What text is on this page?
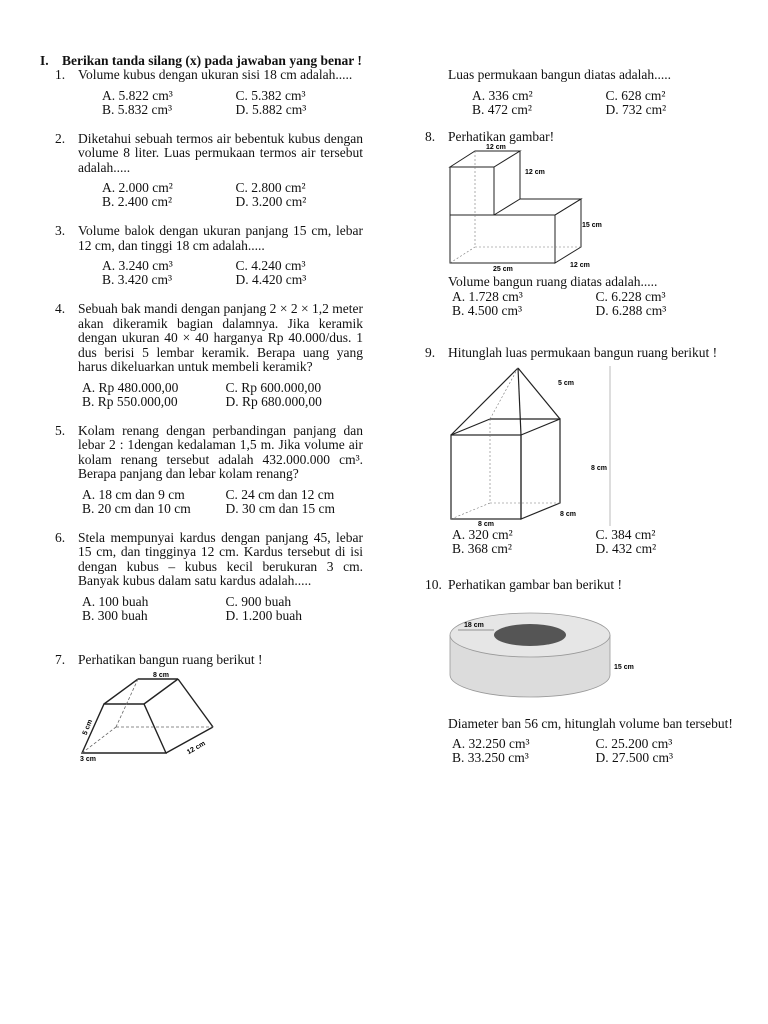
I. Berikan tanda silang (x) pada jawaban yang benar !
1. Volume kubus dengan ukuran sisi 18 cm adalah.....
A. 5.822 cm³	C. 5.382 cm³
B. 5.832 cm³	D. 5.882 cm³
2. Diketahui sebuah termos air bebentuk kubus dengan volume 8 liter. Luas permukaan termos air tersebut adalah.....
A. 2.000 cm²	C. 2.800 cm²
B. 2.400 cm²	D. 3.200 cm²
3. Volume balok dengan ukuran panjang 15 cm, lebar 12 cm, dan tinggi 18 cm adalah.....
A. 3.240 cm³	C. 4.240 cm³
B. 3.420 cm³	D. 4.420 cm³
4. Sebuah bak mandi dengan panjang 2 × 2 × 1,2 meter akan dikeramik bagian dalamnya. Jika keramik dengan ukuran 40 × 40 harganya Rp 40.000/dus. 1 dus berisi 5 lembar keramik. Berapa uang yang harus dikeluarkan untuk membeli keramik?
A. Rp 480.000,00	C. Rp 600.000,00
B. Rp 550.000,00	D. Rp 680.000,00
5. Kolam renang dengan perbandingan panjang dan lebar 2 : 1dengan kedalaman 1,5 m. Jika volume air kolam renang tersebut adalah 432.000.000 cm³. Berapa panjang dan lebar kolam renang?
A. 18 cm dan 9 cm	C. 24 cm dan 12 cm
B. 20 cm dan 10 cm	D. 30 cm dan 15 cm
6. Stela mempunyai kardus dengan panjang 45, lebar 15 cm, dan tingginya 12 cm. Kardus tersebut di isi dengan kubus – kubus kecil berukuran 3 cm. Banyak kubus dalam satu kardus adalah.....
A. 100 buah	C. 900 buah
B. 300 buah	D. 1.200 buah
7. Perhatikan bangun ruang berikut !
8 cm
5 cm
3 cm
12 cm
Luas permukaan bangun diatas adalah.....
A. 336 cm²	C. 628 cm²
B. 472 cm²	D. 732 cm²
8. Perhatikan gambar!
12 cm
12 cm
15 cm
25 cm
12 cm
Volume bangun ruang diatas adalah.....
A. 1.728 cm³	C. 6.228 cm³
B. 4.500 cm³	D. 6.288 cm³
9. Hitunglah luas permukaan bangun ruang berikut !
5 cm
8 cm
8 cm
8 cm
A. 320 cm²	C. 384 cm²
B. 368 cm²	D. 432 cm²
10. Perhatikan gambar ban berikut !
18 cm
15 cm
Diameter ban 56 cm, hitunglah volume ban tersebut!
A. 32.250 cm³	C. 25.200 cm³
B. 33.250 cm³	D. 27.500 cm³
